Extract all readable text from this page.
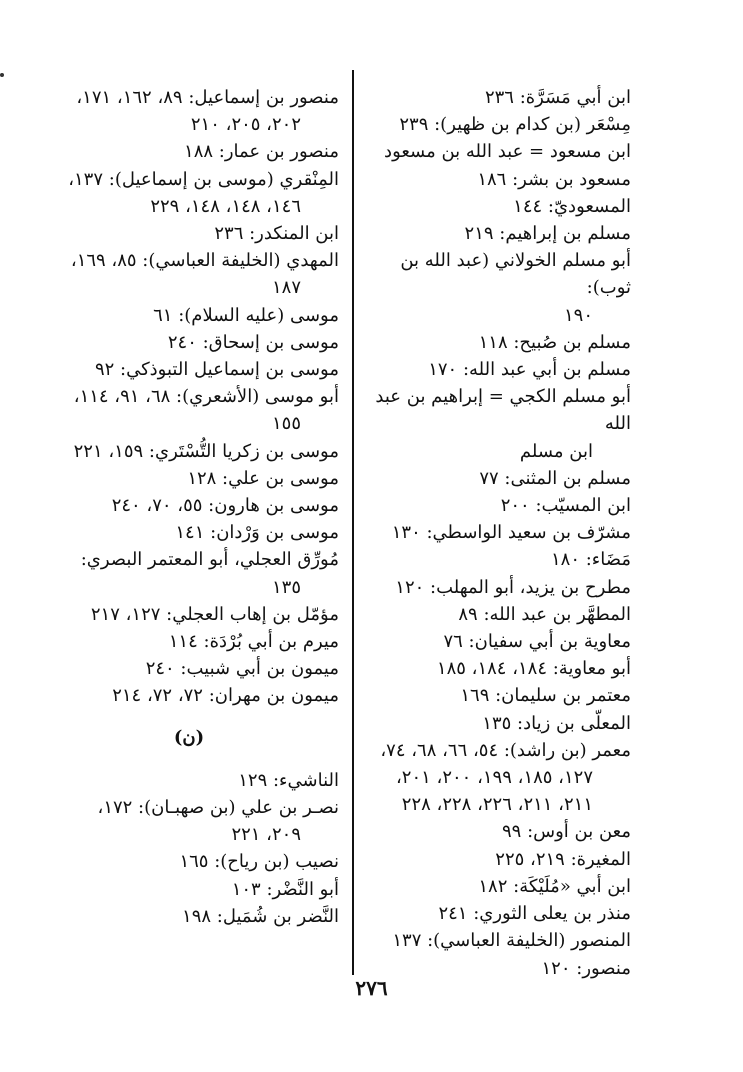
ابن أبي مَسَرَّة: ٢٣٦
مِسْعَر (بن كدام بن ظهير): ٢٣٩
ابن مسعود = عبد الله بن مسعود
مسعود بن بشر: ١٨٦
المسعوديّ: ١٤٤
مسلم بن إبراهيم: ٢١٩
أبو مسلم الخولاني (عبد الله بن ثوب):
١٩٠
مسلم بن صُبيح: ١١٨
مسلم بن أبي عبد الله: ١٧٠
أبو مسلم الكجي = إبراهيم بن عبد الله
ابن مسلم
مسلم بن المثنى: ٧٧
ابن المسيّب: ٢٠٠
مشرّف بن سعيد الواسطي: ١٣٠
مَضَاء: ١٨٠
مطرح بن يزيد، أبو المهلب: ١٢٠
المطهَّر بن عبد الله: ٨٩
معاوية بن أبي سفيان: ٧٦
أبو معاوية: ١٨٤، ١٨٤، ١٨٥
معتمر بن سليمان: ١٦٩
المعلّى بن زياد: ١٣٥
معمر (بن راشد): ٥٤، ٦٦، ٦٨، ٧٤،
١٢٧، ١٨٥، ١٩٩، ٢٠٠، ٢٠١،
٢١١، ٢١١، ٢٢٦، ٢٢٨، ٢٢٨
معن بن أوس: ٩٩
المغيرة: ٢١٩، ٢٢٥
ابن أبي «مُلَيْكَة: ١٨٢
منذر بن يعلى الثوري: ٢٤١
المنصور (الخليفة العباسي): ١٣٧
منصور: ١٢٠
منصور بن إسماعيل: ٨٩، ١٦٢، ١٧١،
٢٠٢، ٢٠٥، ٢١٠
منصور بن عمار: ١٨٨
المِنْقري (موسى بن إسماعيل): ١٣٧،
١٤٦، ١٤٨، ١٤٨، ٢٢٩
ابن المنكدر: ٢٣٦
المهدي (الخليفة العباسي): ٨٥، ١٦٩،
١٨٧
موسى (عليه السلام): ٦١
موسى بن إسحاق: ٢٤٠
موسى بن إسماعيل التبوذكي: ٩٢
أبو موسى (الأشعري): ٦٨، ٩١، ١١٤،
١٥٥
موسى بن زكريا التُّسْتَري: ١٥٩، ٢٢١
موسى بن علي: ١٢٨
موسى بن هارون: ٥٥، ٧٠، ٢٤٠
موسى بن وَرْدان: ١٤١
مُورِّق العجلي، أبو المعتمر البصري:
١٣٥
مؤمّل بن إهاب العجلي: ١٢٧، ٢١٧
ميرم بن أبي بُرْدَة: ١١٤
ميمون بن أبي شبيب: ٢٤٠
ميمون بن مهران: ٧٢، ٧٢، ٢١٤
(ن)
الناشيء: ١٢٩
نصـر بن علي (بن صهبـان): ١٧٢،
٢٠٩، ٢٢١
نصيب (بن رياح): ١٦٥
أبو النَّضْر: ١٠٣
النَّضر بن شُمَيل: ١٩٨
٢٧٦
